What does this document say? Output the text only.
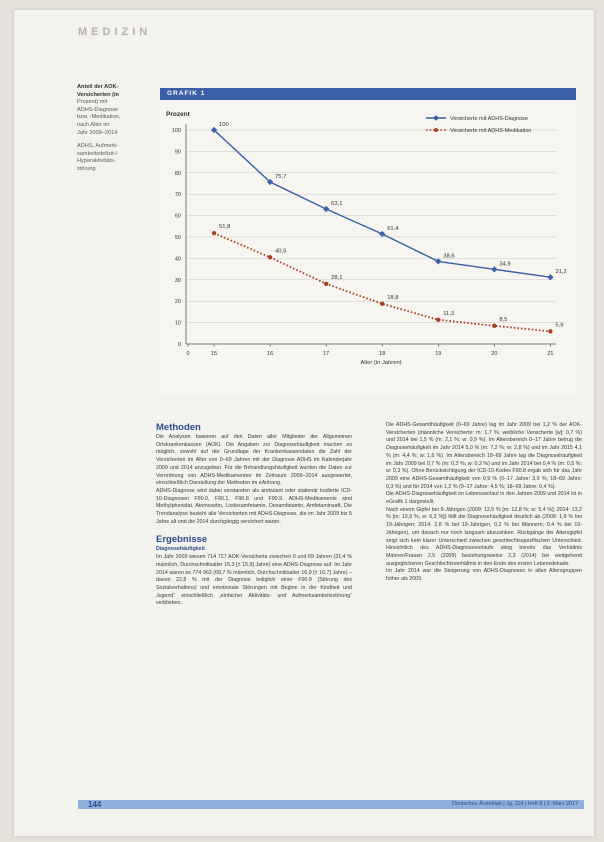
MEDIZIN
Anteil der AOK-
Versicherten (in
Prozent) mit
ADHS-Diagnose
bzw. -Medikation,
nach Alter im
Jahr 2009–2014
ADHS, Aufmerk-
samkeitsdefizit-/
Hyperaktivitäts-
störung
GRAFIK 1
Prozent
0
10
20
30
40
50
60
70
80
90
100
0	15	16	17	18	19	20	21
Alter (in Jahren)
100
75,7
63,1
51,4
38,6
34,9
31,2
51,8
40,5
28,1
18,8
11,3
8,5
5,9
Versicherte mit ADHS-Diagnose
Versicherte mit ADHS-Medikation
Methoden

Die Analysen basieren auf den Daten aller Mitglieder der Allgemeinen Ortskrankenkassen (AOK). Die Angaben zur Diagnosehäufigkeit machen es möglich, sowohl auf der Grundlage der Krankenkassendaten die Zahl der Versicherten im Alter von 0–69 Jahren mit der Diagnose ADHS im Kalenderjahr 2009 und 2014 anzugeben. Für die Behandlungshäufigkeit wurden die Daten zur Verordnung von ADHS-Medikamenten im Zeitraum 2009–2014 ausgewertet, einschließlich Darstellung der Methoden im eAnhang.

ADHS-Diagnose wird dabei verstanden als ambulant oder stationär kodierte ICD-10-Diagnosen F90.0, F90.1, F90.8 und F90.9. ADHS-Medikamente sind Methylphenidat, Atomoxetin, Lisdexamfetamin, Dexamfetamin, Amfetaminsaft. Die Trendanalyse bezieht alle Versicherten mit ADHS-Diagnose, die im Jahr 2009 bis 5 Jahre alt und die 2014 durchgängig versichert waren.

Ergebnisse
Diagnosehäufigkeit

Im Jahr 2009 wiesen 714 727 AOK-Versicherte zwischen 0 und 69 Jahren (31,4 % männlich, Durchschnittsalter 15,3 [± 15,9] Jahre) eine ADHS-Diagnose auf. Im Jahr 2014 waren es 774 963 (68,7 % männlich, Durchschnittsalter 16,9 [± 16,7] Jahre) – davon 22,8 % mit der Diagnose lediglich einer F90.8 (Störung des Sozialverhaltens) und emotionale Störungen mit Beginn in der Kindheit und Jugend“ einschließlich „einfacher Aktivitäts- und Aufmerksamkeitsstörung“ verblieben.

Die ADHS-Gesamthäufigkeit (0–69 Jahre) lag im Jahr 2009 bei 1,2 % der AOK-Versicherten (männliche Versicherte: m: 1,7 %; weibliche Versicherte [w]: 0,7 %) und 2014 bei 1,5 % (m: 2,1 %; w: 0,9 %). Im Altersbereich 0–17 Jahre betrug die Diagnosehäufigkeit im Jahr 2014 5,0 % (m: 7,2 %; w: 2,8 %) und im Jahr 2015 4,1 % (m: 4,4 %; w: 1,6 %). Im Altersbereich 18–69 Jahre lag die Diagnosehäufigkeit im Jahr 2009 bei 0,7 % (m: 0,3 %; w: 0,2 %) und im Jahr 2014 bei 0,4 % (m: 0,5 %; w: 0,3 %). Ohne Berücksichtigung der ICD-10-Kodes F90.8 ergab sich für das Jahr 2009 eine ADHS-Gesamthäufigkeit von 0,9 % (0–17 Jahre: 3,9 %; 18–69 Jahre: 0,3 %) und für 2014 von 1,2 % (0–17 Jahre: 4,5 %; 18–69 Jahre: 0,4 %).

Die ADHS-Diagnosehäufigkeit im Lebensverlauf in den Jahren 2009 und 2014 ist in eGrafik 1 dargestellt.

Nach einem Gipfel bei 9-Jährigen (2009: 12,5 % [m: 12,8 %; w: 5,4 %]; 2014: 13,2 % [m: 13,9 %; w: 6,3 %]) fällt die Diagnosehäufigkeit deutlich ab (2009: 1,9 % bei 19-Jährigen; 2014: 2,8 % bei 19-Jährigen; 0,2 % bei Männern; 0,4 % bei 19-Jährigen), um danach nur noch langsam abzusinken. Rückgänge der Altersgipfel zeigt sich kein klarer Unterschied zwischen geschlechtsspezifischen Unterschied. Hinsichtlich des ADHS-Diagnoseverlaufs stieg bereits das Verhältnis Männer/Frauen 2,5 (2009) beziehungsweise 2,3 (2014) bei weitgehend ausgeglichenen Geschlechtsverhältnis in den Ende des ersten Lebensdekade.

Im Jahr 2014 war die Steigerung von ADHS-Diagnosen in allen Altersgruppen höher als 2009.

144	Deutsches Ärzteblatt | Jg. 114 | Heft 9 | 3. März 2017
